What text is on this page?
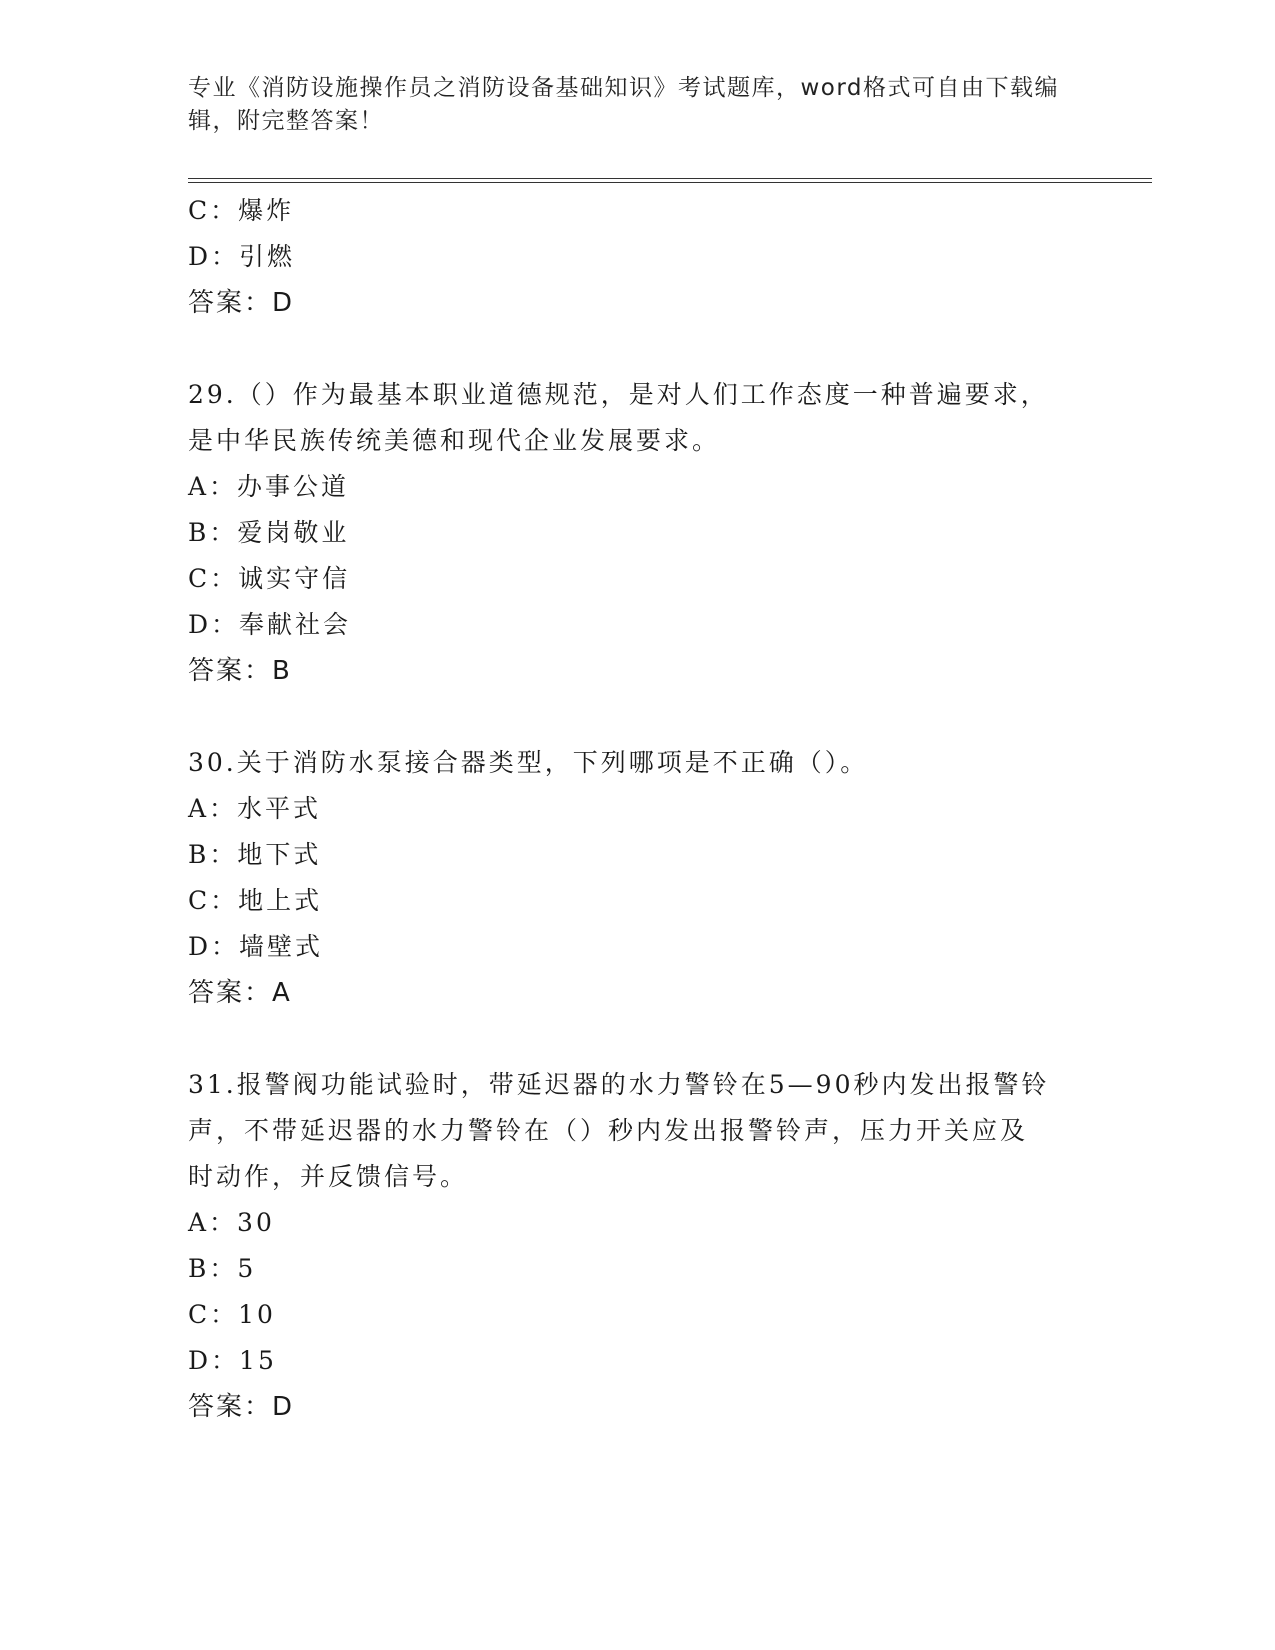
专业《消防设施操作员之消防设备基础知识》考试题库，word格式可自由下载编
辑，附完整答案！
C：爆炸
D：引燃
答案：D
29.（）作为最基本职业道德规范，是对人们工作态度一种普遍要求，
是中华民族传统美德和现代企业发展要求。
A：办事公道
B：爱岗敬业
C：诚实守信
D：奉献社会
答案：B
30.关于消防水泵接合器类型，下列哪项是不正确（）。
A：水平式
B：地下式
C：地上式
D：墙壁式
答案：A
31.报警阀功能试验时，带延迟器的水力警铃在5—90秒内发出报警铃
声，不带延迟器的水力警铃在（）秒内发出报警铃声，压力开关应及
时动作，并反馈信号。
A：30
B：5
C：10
D：15
答案：D
